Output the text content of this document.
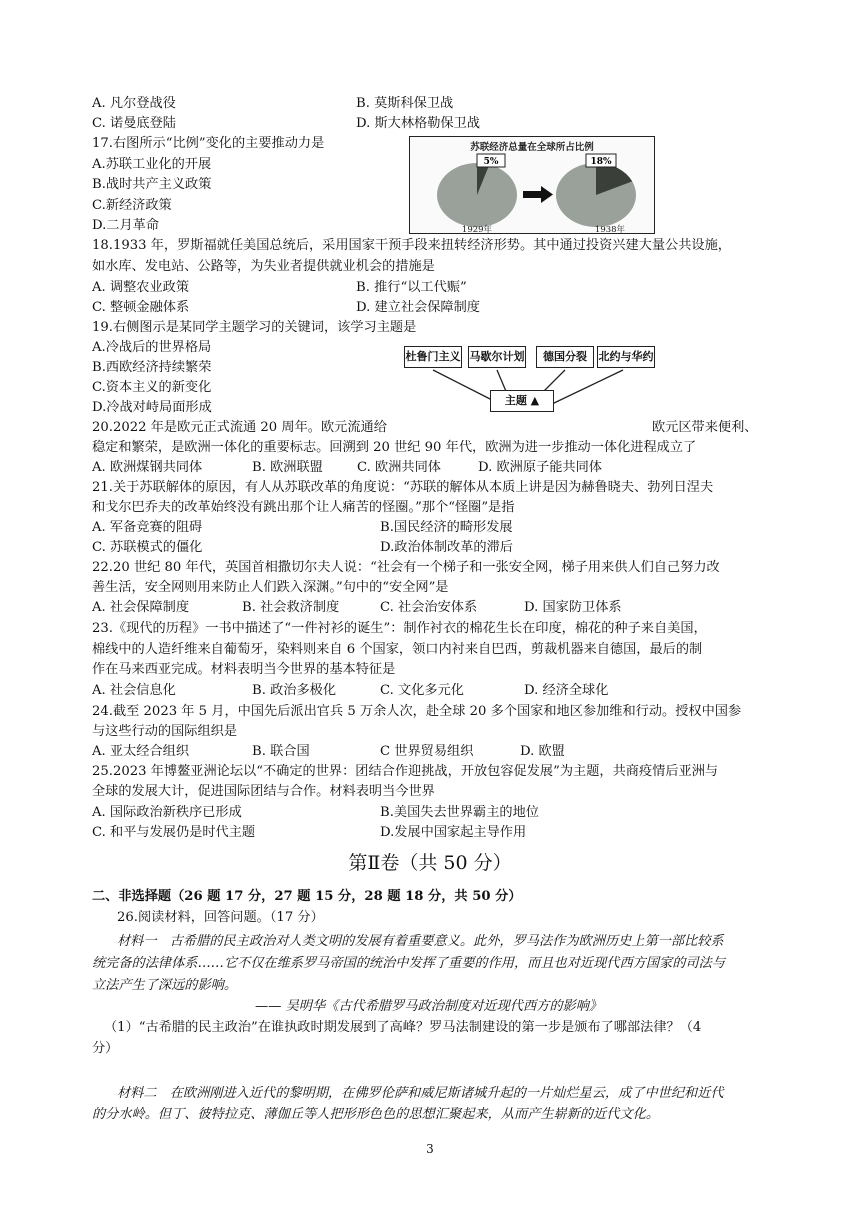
A. 凡尔登战役	B. 莫斯科保卫战
C. 诺曼底登陆	D. 斯大林格勒保卫战
17.右图所示“比例”变化的主要推动力是
A.苏联工业化的开展
B.战时共产主义政策
C.新经济政策
D.二月革命
苏联经济总量在全球所占比例
5%	18%
1929年	1938年
18.1933 年，罗斯福就任美国总统后，采用国家干预手段来扭转经济形势。其中通过投资兴建大量公共设施，
如水库、发电站、公路等，为失业者提供就业机会的措施是
A. 调整农业政策	B. 推行“以工代赈”
C. 整顿金融体系	D. 建立社会保障制度
19.右侧图示是某同学主题学习的关键词，该学习主题是
A.冷战后的世界格局
B.西欧经济持续繁荣
C.资本主义的新变化
D.冷战对峙局面形成
杜鲁门主义 马歇尔计划	德国分裂	北约与华约
主题 ▲
20.2022 年是欧元正式流通 20 周年。欧元流通给	欧元区带来便利、
稳定和繁荣，是欧洲一体化的重要标志。回溯到 20 世纪 90 年代，欧洲为进一步推动一体化进程成立了
A. 欧洲煤钢共同体	B. 欧洲联盟	C. 欧洲共同体	D. 欧洲原子能共同体
21.关于苏联解体的原因，有人从苏联改革的角度说：“苏联的解体从本质上讲是因为赫鲁晓夫、勃列日涅夫
和戈尔巴乔夫的改革始终没有跳出那个让人痛苦的怪圈。”那个“怪圈”是指
A. 军备竞赛的阻碍	B.国民经济的畸形发展
C. 苏联模式的僵化	D.政治体制改革的滞后
22.20 世纪 80 年代，英国首相撒切尔夫人说：“社会有一个梯子和一张安全网，梯子用来供人们自己努力改
善生活，安全网则用来防止人们跌入深渊。”句中的“安全网”是
A. 社会保障制度	B. 社会救济制度	C. 社会治安体系	D. 国家防卫体系
23.《现代的历程》一书中描述了“一件衬衫的诞生”：制作衬衣的棉花生长在印度，棉花的种子来自美国，
棉线中的人造纤维来自葡萄牙，染料则来自 6 个国家，领口内衬来自巴西，剪裁机器来自德国，最后的制
作在马来西亚完成。材料表明当今世界的基本特征是
A. 社会信息化	B. 政治多极化	C. 文化多元化	D. 经济全球化
24.截至 2023 年 5 月，中国先后派出官兵 5 万余人次，赴全球 20 多个国家和地区参加维和行动。授权中国参
与这些行动的国际组织是
A. 亚太经合组织	B. 联合国	C 世界贸易组织	D. 欧盟
25.2023 年博鳌亚洲论坛以“不确定的世界：团结合作迎挑战，开放包容促发展”为主题，共商疫情后亚洲与
全球的发展大计，促进国际团结与合作。材料表明当今世界
A. 国际政治新秩序已形成	B.美国失去世界霸主的地位
C. 和平与发展仍是时代主题	D.发展中国家起主导作用
第Ⅱ卷（共 50 分）
二、非选择题（26 题 17 分，27 题 15 分，28 题 18 分，共 50 分）
26.阅读材料，回答问题。（17 分）
材料一　古希腊的民主政治对人类文明的发展有着重要意义。此外，罗马法作为欧洲历史上第一部比较系
统完备的法律体系……它不仅在维系罗马帝国的统治中发挥了重要的作用，而且也对近现代西方国家的司法与
立法产生了深远的影响。
—— 吴明华《古代希腊罗马政治制度对近现代西方的影响》
（1）“古希腊的民主政治”在谁执政时期发展到了高峰？罗马法制建设的第一步是颁布了哪部法律？（4
分）
材料二　在欧洲刚进入近代的黎明期，在佛罗伦萨和威尼斯诸城升起的一片灿烂星云，成了中世纪和近代
的分水岭。但丁、彼特拉克、薄伽丘等人把形形色色的思想汇聚起来，从而产生崭新的近代文化。
3
